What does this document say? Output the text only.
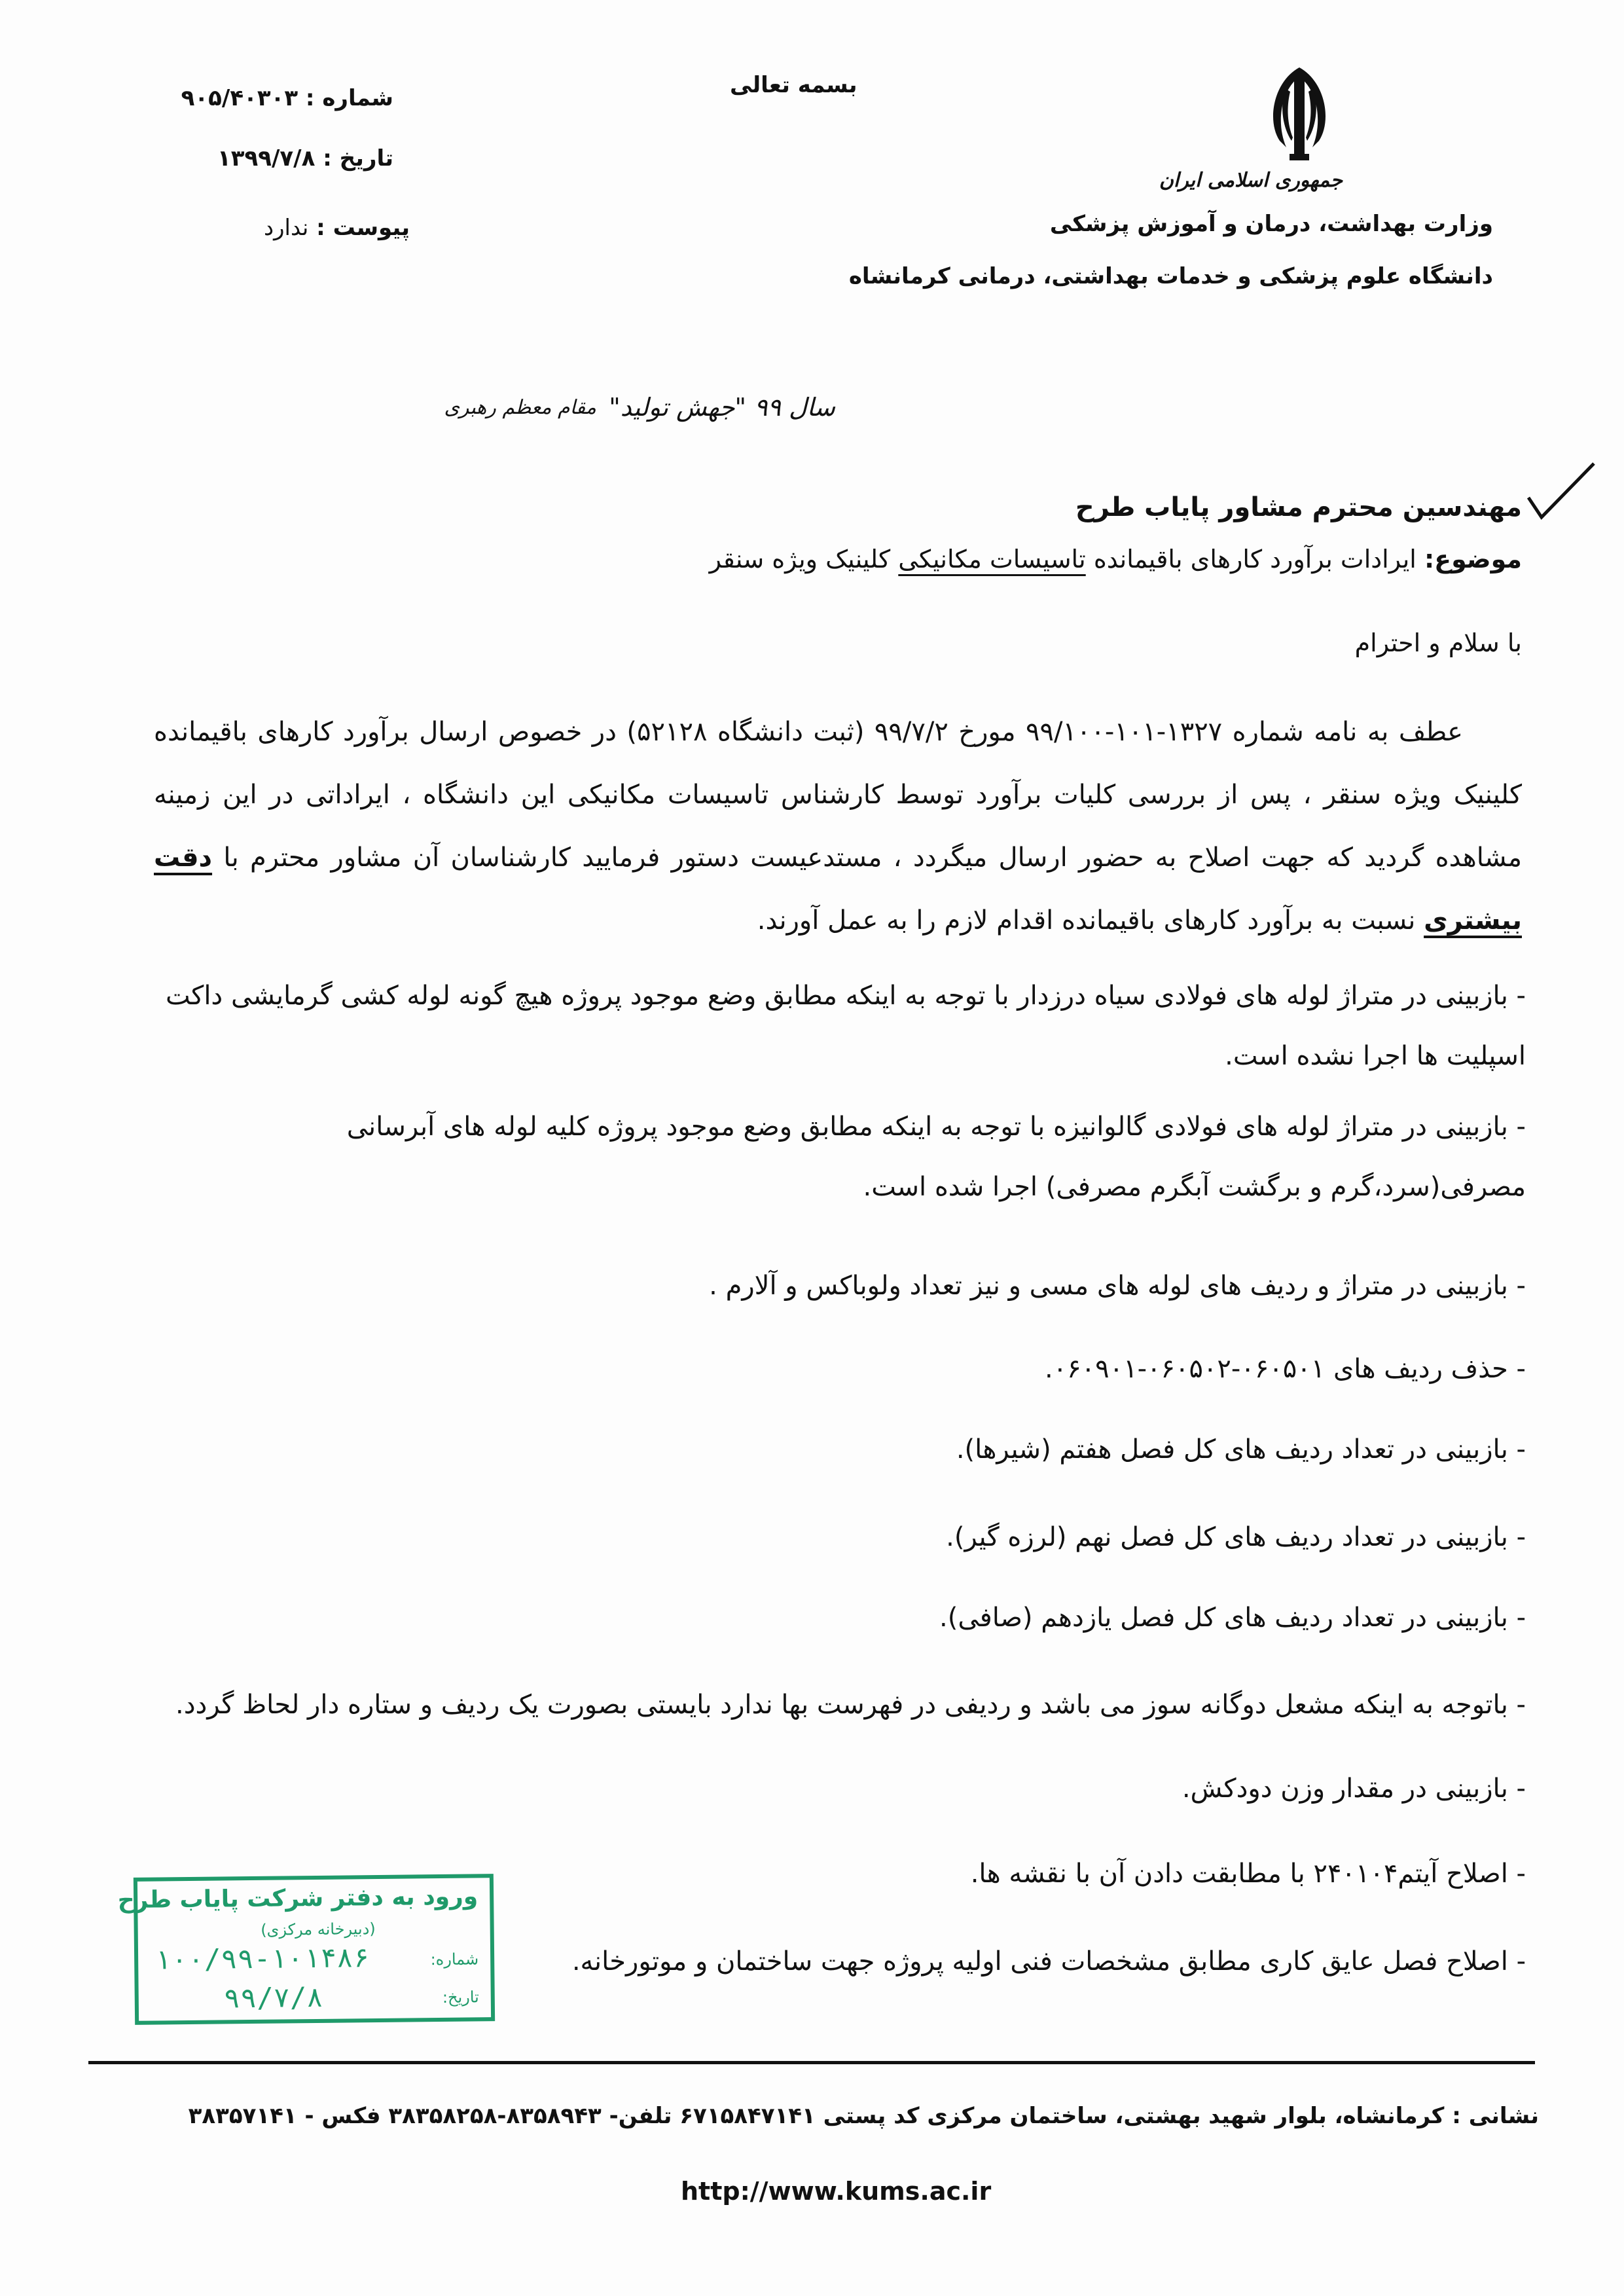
جمهوری اسلامی ایران
وزارت بهداشت، درمان و آموزش پزشکی
دانشگاه علوم پزشکی و خدمات بهداشتی، درمانی کرمانشاه
بسمه تعالی
شماره : ۹۰۵/۴۰۳۰۳
تاریخ : ۱۳۹۹/۷/۸
پیوست : ندارد
سال ۹۹ "جهش تولید"
مقام معظم رهبری
مهندسین محترم مشاور پایاب طرح
موضوع: ایرادات برآورد کارهای باقیمانده تاسیسات مکانیکی کلینیک ویژه سنقر
با سلام و احترام
عطف به نامه شماره ۱۳۲۷-۱۰۱-۹۹/۱۰۰ مورخ ۹۹/۷/۲ (ثبت دانشگاه ۵۲۱۲۸) در خصوص ارسال برآورد کارهای باقیمانده کلینیک ویژه سنقر ، پس از بررسی کلیات برآورد توسط کارشناس تاسیسات مکانیکی این دانشگاه ، ایراداتی در این زمینه مشاهده گردید که جهت اصلاح به حضور ارسال میگردد ، مستدعیست دستور فرمایید کارشناسان آن مشاور محترم با دقت بیشتری نسبت به برآورد کارهای باقیمانده اقدام لازم را به عمل آورند.
- بازبینی در متراژ لوله های فولادی سیاه درزدار با توجه به اینکه مطابق وضع موجود پروژه هیچ گونه لوله کشی گرمایشی داکت اسپلیت ها اجرا نشده است.
- بازبینی در متراژ لوله های فولادی گالوانیزه با توجه به اینکه مطابق وضع موجود پروژه کلیه لوله های آبرسانی مصرفی(سرد،گرم و برگشت آبگرم مصرفی) اجرا شده است.
- بازبینی در متراژ و ردیف های لوله های مسی و نیز تعداد ولوباکس و آلارم .
- حذف ردیف های ۰۶۰۵۰۱-۰۶۰۵۰۲-۰۶۰۹۰۱.
- بازبینی در تعداد ردیف های کل فصل هفتم (شیرها).
- بازبینی در تعداد ردیف های کل فصل نهم (لرزه گیر).
- بازبینی در تعداد ردیف های کل فصل یازدهم (صافی).
- باتوجه به اینکه مشعل دوگانه سوز می باشد و ردیفی در فهرست بها ندارد بایستی بصورت یک ردیف و ستاره دار لحاظ گردد.
- بازبینی در مقدار وزن دودکش.
- اصلاح آیتم۲۴۰۱۰۴ با مطابقت دادن آن با نقشه ها.
- اصلاح فصل عایق کاری مطابق مشخصات فنی اولیه پروژه جهت ساختمان و موتورخانه.
ورود به دفتر شرکت پایاب طرح
(دبیرخانه مرکزی)
شماره:
۱۰۰/۹۹-۱۰۱۴۸۶
تاریخ:
۹۹/۷/۸
نشانی : کرمانشاه، بلوار شهید بهشتی، ساختمان مرکزی کد پستی ۶۷۱۵۸۴۷۱۴۱ تلفن- ۸۳۵۸۹۴۳-۳۸۳۵۸۲۵۸ فکس - ۳۸۳۵۷۱۴۱
http://www.kums.ac.ir
